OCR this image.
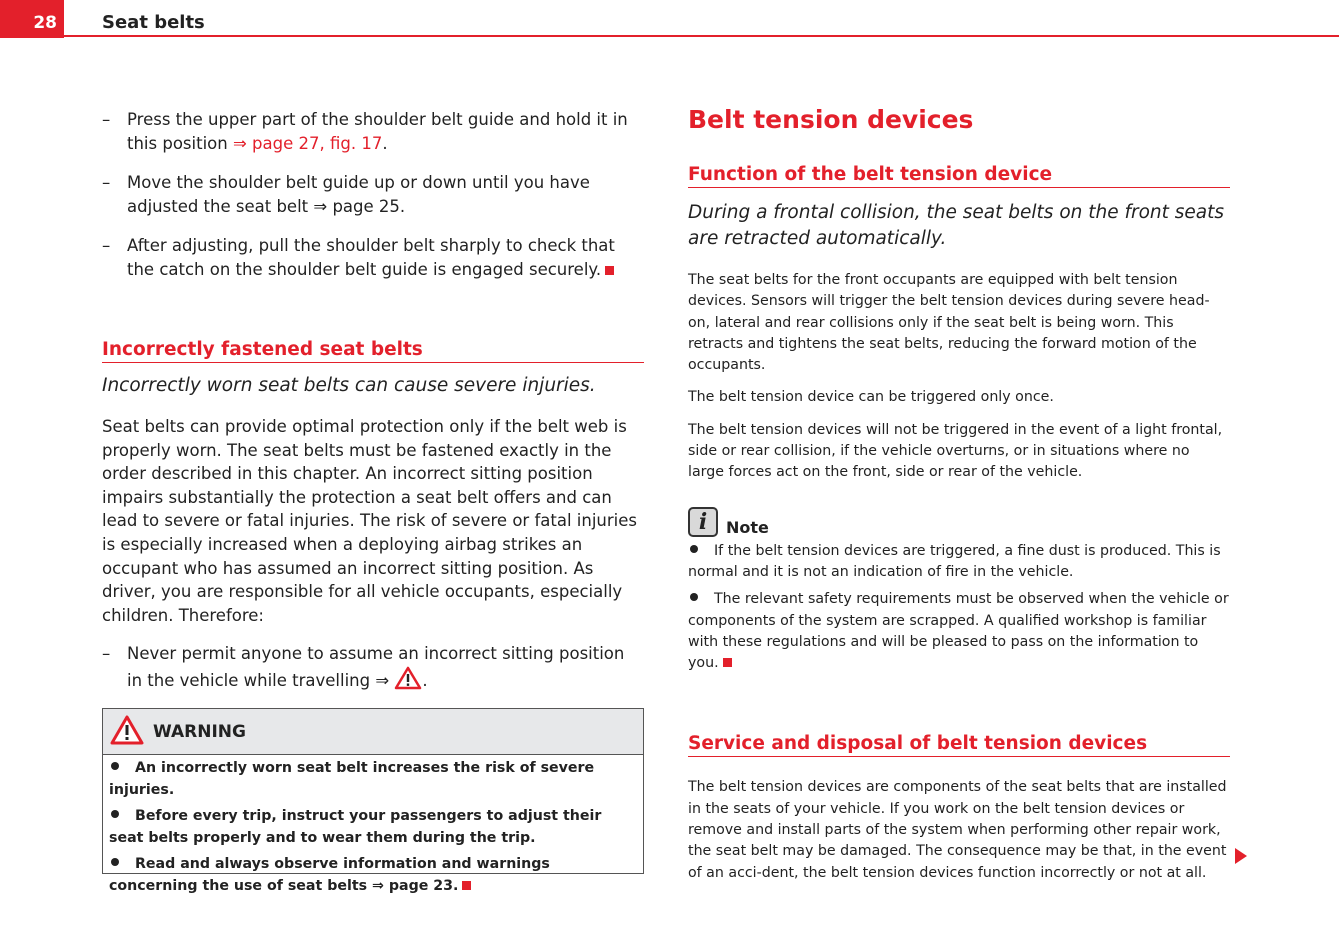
28	Seat belts
– Press the upper part of the shoulder belt guide and hold it in this position ⇒ page 27, fig. 17.
– Move the shoulder belt guide up or down until you have adjusted the seat belt ⇒ page 25.
– After adjusting, pull the shoulder belt sharply to check that the catch on the shoulder belt guide is engaged securely.
Incorrectly fastened seat belts
Incorrectly worn seat belts can cause severe injuries.
Seat belts can provide optimal protection only if the belt web is properly worn. The seat belts must be fastened exactly in the order described in this chapter. An incorrect sitting position impairs substantially the protection a seat belt offers and can lead to severe or fatal injuries. The risk of severe or fatal injuries is especially increased when a deploying airbag strikes an occupant who has assumed an incorrect sitting position. As driver, you are responsible for all vehicle occupants, especially children. Therefore:
– Never permit anyone to assume an incorrect sitting position in the vehicle while travelling ⇒ .
WARNING

An incorrectly worn seat belt increases the risk of severe injuries.

Before every trip, instruct your passengers to adjust their seat belts properly and to wear them during the trip.

Read and always observe information and warnings concerning the use of seat belts ⇒ page 23.

Belt tension devices
Function of the belt tension device
During a frontal collision, the seat belts on the front seats are retracted automatically.
The seat belts for the front occupants are equipped with belt tension devices. Sensors will trigger the belt tension devices during severe head-on, lateral and rear collisions only if the seat belt is being worn. This retracts and tightens the seat belts, reducing the forward motion of the occupants.
The belt tension device can be triggered only once.
The belt tension devices will not be triggered in the event of a light frontal, side or rear collision, if the vehicle overturns, or in situations where no large forces act on the front, side or rear of the vehicle.
i	Note
If the belt tension devices are triggered, a fine dust is produced. This is normal and it is not an indication of fire in the vehicle.
The relevant safety requirements must be observed when the vehicle or components of the system are scrapped. A qualified workshop is familiar with these regulations and will be pleased to pass on the information to you.
Service and disposal of belt tension devices
The belt tension devices are components of the seat belts that are installed in the seats of your vehicle. If you work on the belt tension devices or remove and install parts of the system when performing other repair work, the seat belt may be damaged. The consequence may be that, in the event of an acci-dent, the belt tension devices function incorrectly or not at all.
